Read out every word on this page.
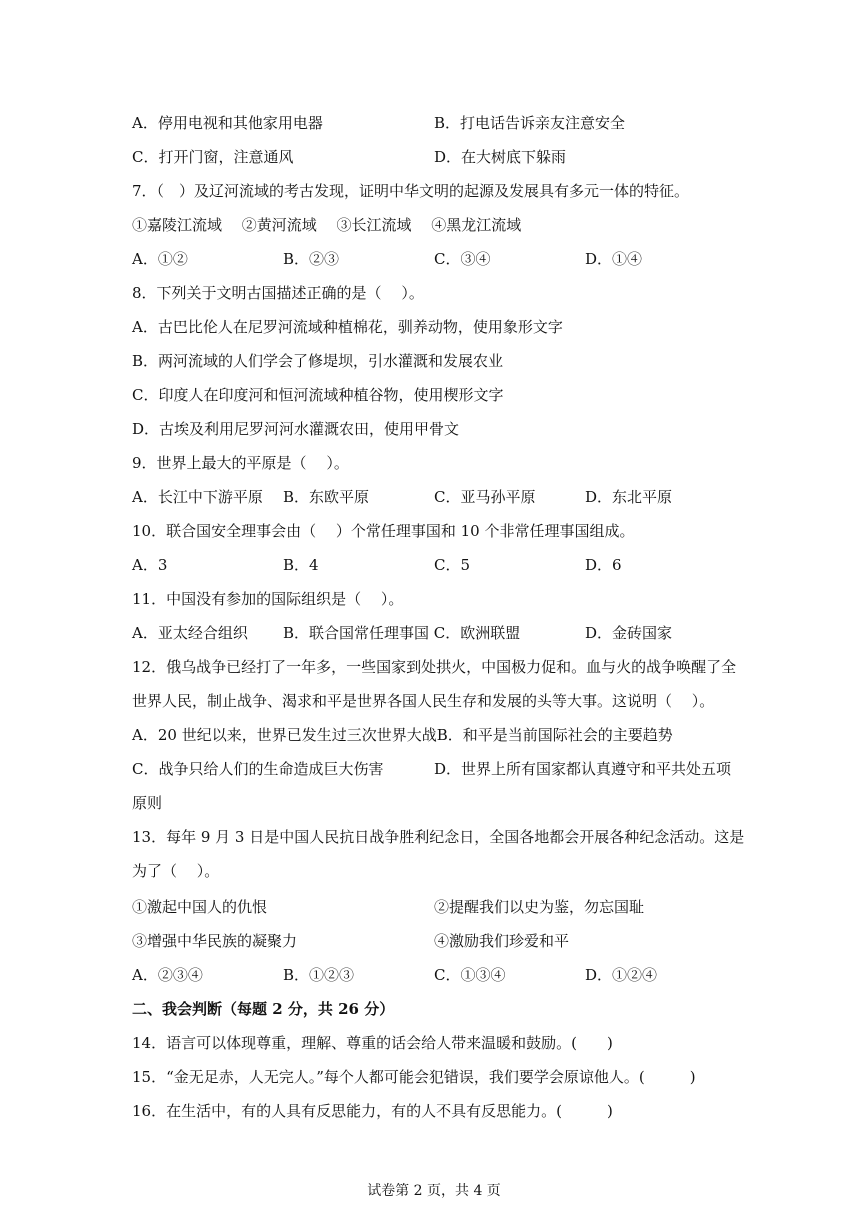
A．停用电视和其他家用电器	B．打电话告诉亲友注意安全
C．打开门窗，注意通风	D．在大树底下躲雨
7．（　）及辽河流域的考古发现，证明中华文明的起源及发展具有多元一体的特征。
①嘉陵江流域　 ②黄河流域　 ③长江流域　 ④黑龙江流域
A．①②	B．②③	C．③④	D．①④
8．下列关于文明古国描述正确的是（　 ）。
A．古巴比伦人在尼罗河流域种植棉花，驯养动物，使用象形文字
B．两河流域的人们学会了修堤坝，引水灌溉和发展农业
C．印度人在印度河和恒河流域种植谷物，使用楔形文字
D．古埃及利用尼罗河河水灌溉农田，使用甲骨文
9．世界上最大的平原是（　 ）。
A．长江中下游平原 B．东欧平原	C．亚马孙平原	D．东北平原
10．联合国安全理事会由（　 ）个常任理事国和 10 个非常任理事国组成。
A．3	B．4	C．5	D．6
11．中国没有参加的国际组织是（　 ）。
A．亚太经合组织 B．联合国常任理事国 C．欧洲联盟	D．金砖国家
12．俄乌战争已经打了一年多，一些国家到处拱火，中国极力促和。血与火的战争唤醒了全
世界人民，制止战争、渴求和平是世界各国人民生存和发展的头等大事。这说明（　 ）。
A．20 世纪以来，世界已发生过三次世界大战B．和平是当前国际社会的主要趋势
C．战争只给人们的生命造成巨大伤害	D．世界上所有国家都认真遵守和平共处五项
原则
13．每年 9 月 3 日是中国人民抗日战争胜利纪念日，全国各地都会开展各种纪念活动。这是
为了（　 ）。
①激起中国人的仇恨	②提醒我们以史为鉴，勿忘国耻
③增强中华民族的凝聚力	④激励我们珍爱和平
A．②③④	B．①②③	C．①③④	D．①②④
二、我会判断（每题 2 分，共 26 分）
14．语言可以体现尊重，理解、尊重的话会给人带来温暖和鼓励。(　　)
15．“金无足赤，人无完人。”每个人都可能会犯错误，我们要学会原谅他人。(　　　)
16．在生活中，有的人具有反思能力，有的人不具有反思能力。(　　　)
试卷第 2 页，共 4 页
